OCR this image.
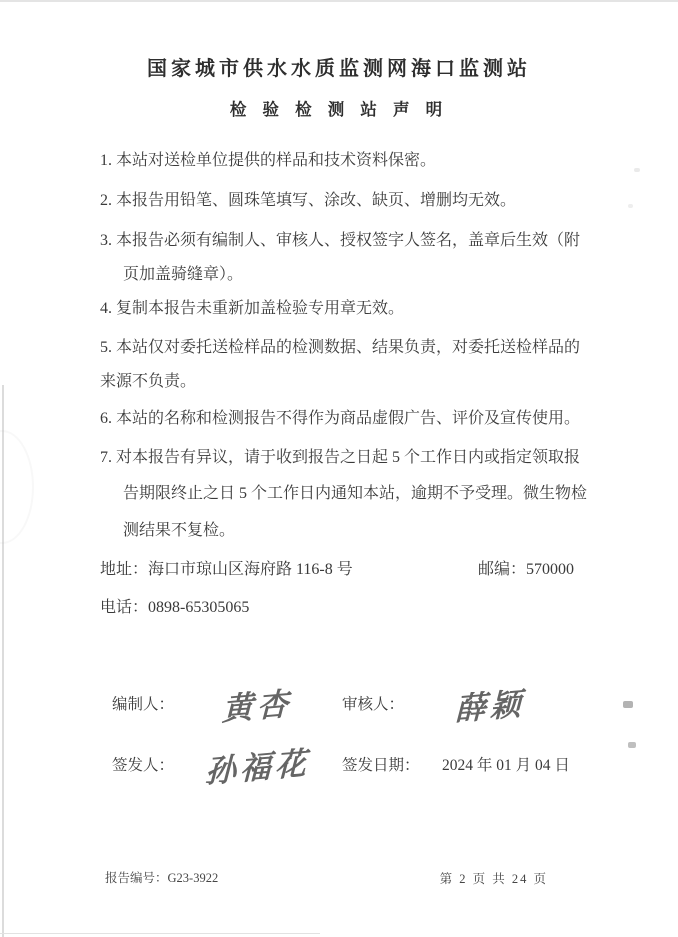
国家城市供水水质监测网海口监测站
检 验 检 测 站 声 明
1. 本站对送检单位提供的样品和技术资料保密。
2. 本报告用铅笔、圆珠笔填写、涂改、缺页、增删均无效。
3. 本报告必须有编制人、审核人、授权签字人签名，盖章后生效（附
页加盖骑缝章）。
4. 复制本报告未重新加盖检验专用章无效。
5. 本站仅对委托送检样品的检测数据、结果负责，对委托送检样品的
来源不负责。
6. 本站的名称和检测报告不得作为商品虚假广告、评价及宣传使用。
7. 对本报告有异议，请于收到报告之日起 5 个工作日内或指定领取报
告期限终止之日 5 个工作日内通知本站，逾期不予受理。微生物检
测结果不复检。
地址：海口市琼山区海府路 116-8 号	邮编：570000
电话：0898-65305065
编制人：	黄杏	审核人：	薛颖
签发人： 孙福花	签发日期：	2024 年 01 月 04 日
报告编号：G23-3922	第 2 页 共 24 页
